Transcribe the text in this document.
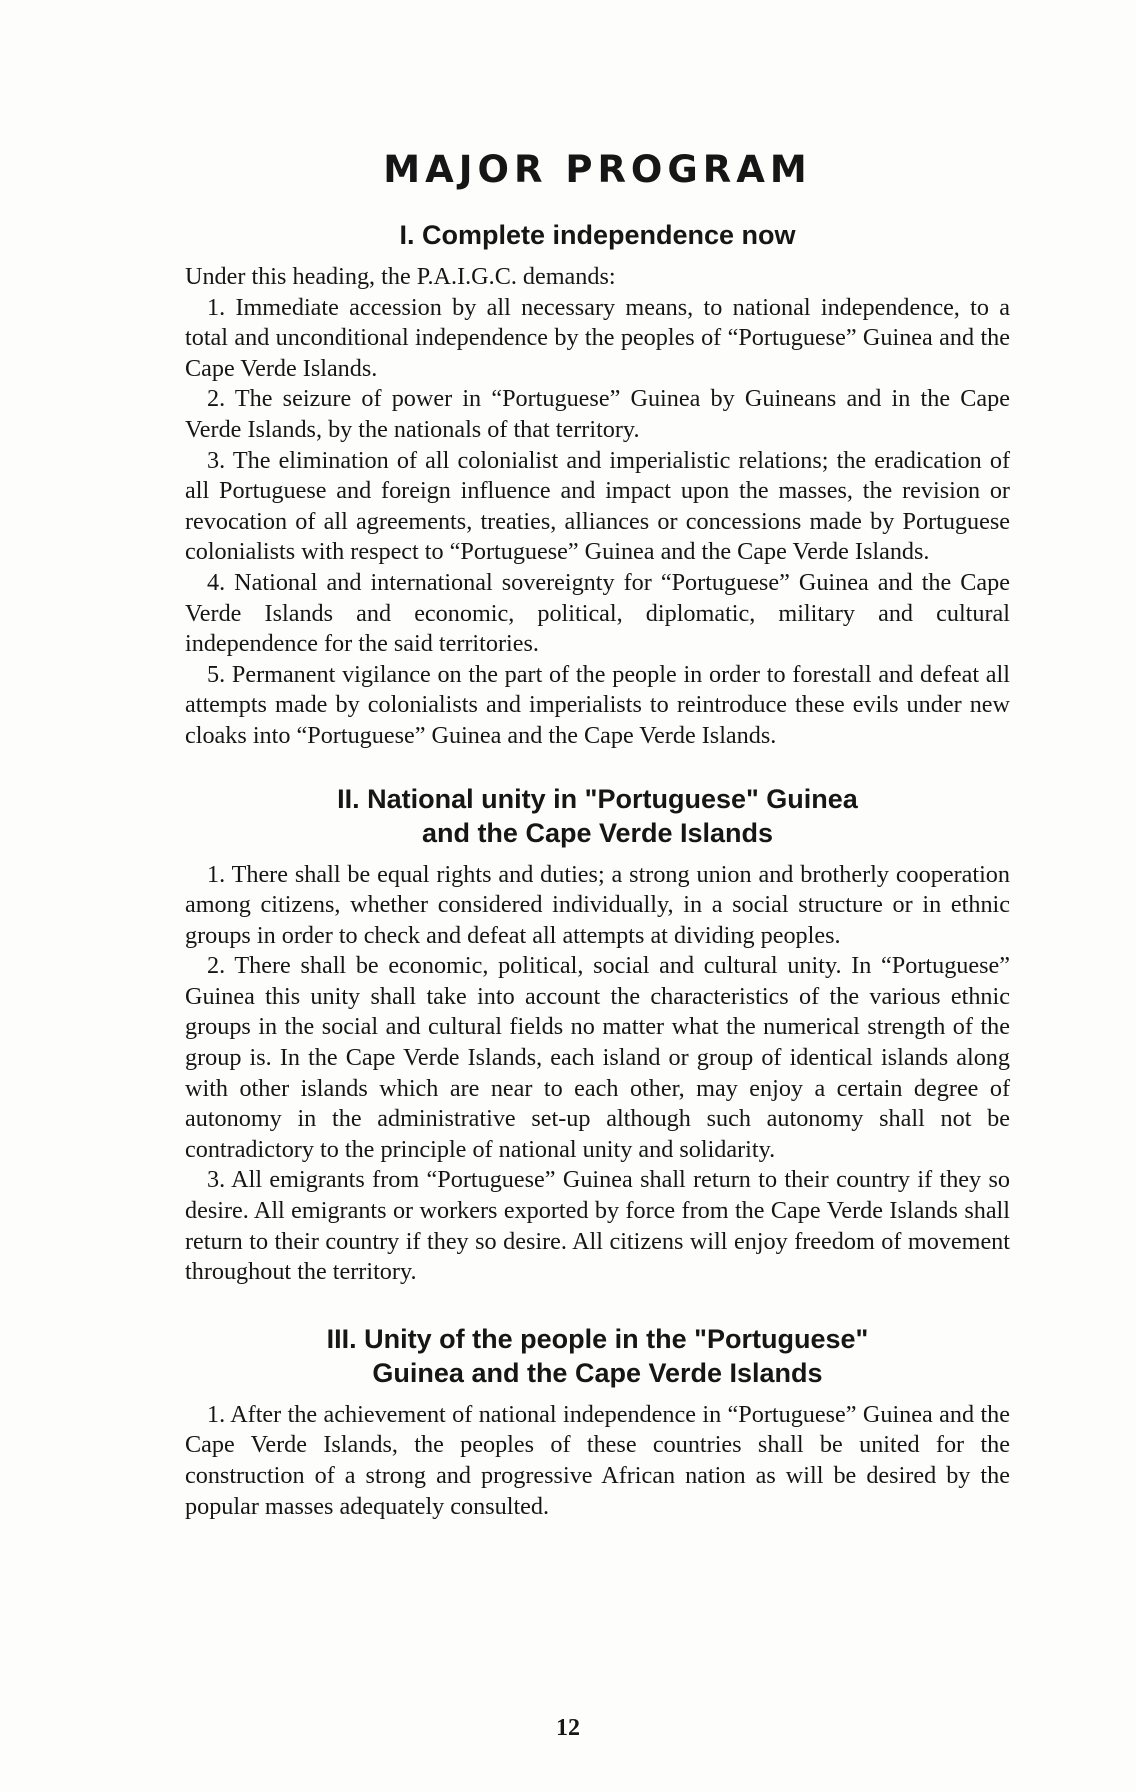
MAJOR PROGRAM
I. Complete independence now

Under this heading, the P.A.I.G.C. demands:

1. Immediate accession by all necessary means, to national independence, to a total and unconditional independence by the peoples of “Portuguese” Guinea and the Cape Verde Islands.

2. The seizure of power in “Portuguese” Guinea by Guineans and in the Cape Verde Islands, by the nationals of that territory.

3. The elimination of all colonialist and imperialistic relations; the eradication of all Portuguese and foreign influence and impact upon the masses, the revision or revocation of all agreements, treaties, alliances or concessions made by Portuguese colonialists with respect to “Portuguese” Guinea and the Cape Verde Islands.

4. National and international sovereignty for “Portuguese” Guinea and the Cape Verde Islands and economic, political, diplomatic, military and cultural independence for the said territories.

5. Permanent vigilance on the part of the people in order to forestall and defeat all attempts made by colonialists and imperialists to reintroduce these evils under new cloaks into “Portuguese” Guinea and the Cape Verde Islands.

II. National unity in "Portuguese" Guinea
and the Cape Verde Islands

1. There shall be equal rights and duties; a strong union and brotherly cooperation among citizens, whether considered individually, in a social structure or in ethnic groups in order to check and defeat all attempts at dividing peoples.

2. There shall be economic, political, social and cultural unity. In “Portuguese” Guinea this unity shall take into account the characteristics of the various ethnic groups in the social and cultural fields no matter what the numerical strength of the group is. In the Cape Verde Islands, each island or group of identical islands along with other islands which are near to each other, may enjoy a certain degree of autonomy in the administrative set-up although such autonomy shall not be contradictory to the principle of national unity and solidarity.

3. All emigrants from “Portuguese” Guinea shall return to their country if they so desire. All emigrants or workers exported by force from the Cape Verde Islands shall return to their country if they so desire. All citizens will enjoy freedom of movement throughout the territory.

III. Unity of the people in the "Portuguese"
Guinea and the Cape Verde Islands

1. After the achievement of national independence in “Portuguese” Guinea and the Cape Verde Islands, the peoples of these countries shall be united for the construction of a strong and progressive African nation as will be desired by the popular masses adequately consulted.

12
